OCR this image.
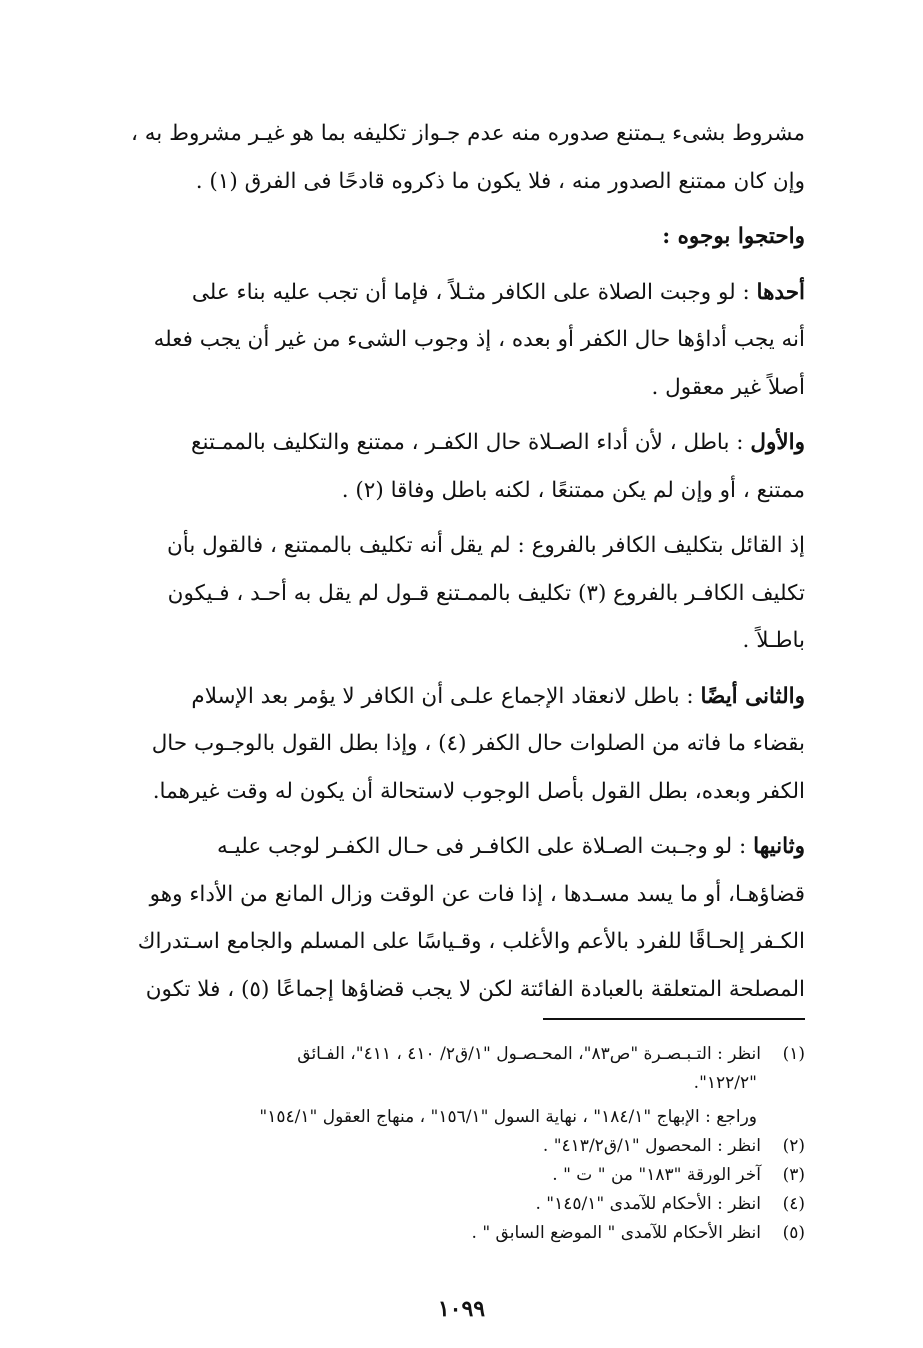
مشروط بشىء يـمتنع صدوره منه عدم جـواز تكليفه بما هو غيـر مشروط به ،
وإن كان ممتنع الصدور منه ، فلا يكون ما ذكروه قادحًا فى الفرق (١) .

واحتجوا بوجوه :

أحدها : لو وجبت الصلاة على الكافر مثـلاً ، فإما أن تجب عليه بناء على
أنه يجب أداؤها حال الكفر أو بعده ، إذ وجوب الشىء من غير أن يجب فعله
أصلاً غير معقول .

والأول : باطل ، لأن أداء الصـلاة حال الكفـر ، ممتنع والتكليف بالممـتنع
ممتنع ، أو وإن لم يكن ممتنعًا ، لكنه باطل وفاقا (٢) .

إذ القائل بتكليف الكافر بالفروع : لم يقل أنه تكليف بالممتنع ، فالقول بأن
تكليف الكافـر بالفروع (٣) تكليف بالممـتنع قـول لم يقل به أحـد ، فـيكون
باطـلاً .

والثانى أيضًا : باطل لانعقاد الإجماع علـى أن الكافر لا يؤمر بعد الإسلام
بقضاء ما فاته من الصلوات حال الكفر (٤) ، وإذا بطل القول بالوجـوب حال
الكفر وبعده، بطل القول بأصل الوجوب لاستحالة أن يكون له وقت غيرهما.

وثانيها : لو وجـبت الصـلاة على الكافـر فى حـال الكفـر لوجب عليـه
قضاؤهـا، أو ما يسد مسـدها ، إذا فات عن الوقت وزال المانع من الأداء وهو
الكـفر إلحـاقًا للفرد بالأعم والأغلب ، وقـياسًا على المسلم والجامع اسـتدراك
المصلحة المتعلقة بالعبادة الفائتة لكن لا يجب قضاؤها إجماعًا (٥) ، فلا تكون

(١)انظر : التـبـصـرة "ص٨٣"، المحـصـول "١/ق٢/ ٤١٠ ، ٤١١"، الفـائق

"١٢٢/٢".

وراجع : الإبهاج "١٨٤/١" ، نهاية السول "١٥٦/١" ، منهاج العقول "١٥٤/١"

(٢)انظر : المحصول "١/ق٤١٣/٢" .

(٣)آخر الورقة "١٨٣" من " ت " .

(٤)انظر : الأحكام للآمدى "١٤٥/١" .

(٥)انظر الأحكام للآمدى " الموضع السابق " .

١٠٩٩
